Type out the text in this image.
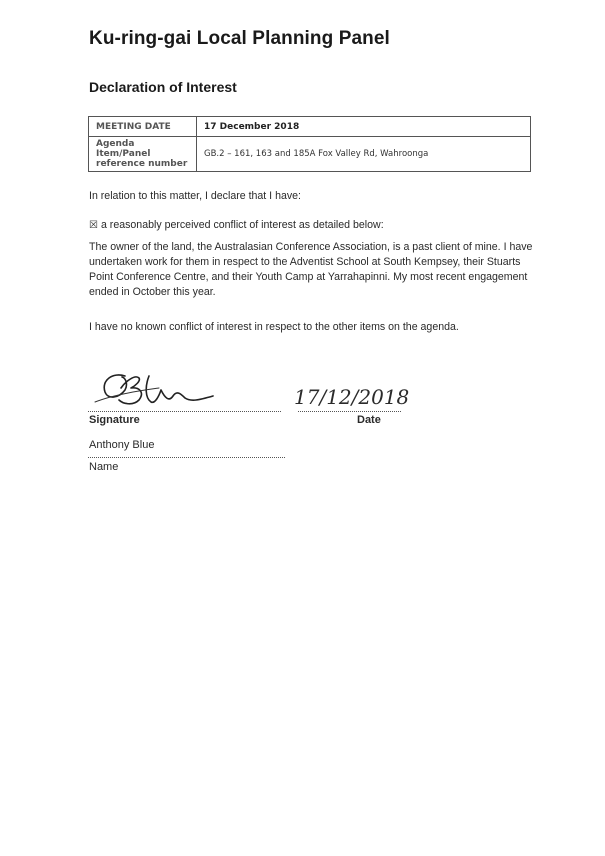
Ku-ring-gai Local Planning Panel
Declaration of Interest
MEETING DATE	17 December 2018
Agenda Item/Panel reference number	GB.2 – 161, 163 and 185A Fox Valley Rd, Wahroonga
In relation to this matter, I declare that I have:
☒ a reasonably perceived conflict of interest as detailed below:
The owner of the land, the Australasian Conference Association, is a past client of mine. I have undertaken work for them in respect to the Adventist School at South Kempsey, their Stuarts Point Conference Centre, and their Youth Camp at Yarrahapinni. My most recent engagement ended in October this year.
I have no known conflict of interest in respect to the other items on the agenda.
17/12/2018
Signature	Date
Anthony Blue
Name
